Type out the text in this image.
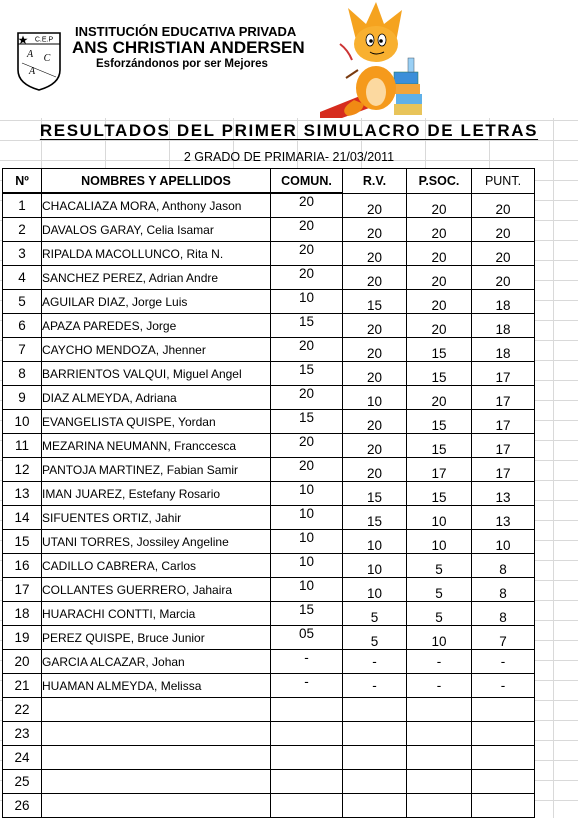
C.E.P
A C
A
INSTITUCIÓN EDUCATIVA PRIVADA
ANS CHRISTIAN ANDERSEN
Esforzándonos por ser Mejores
RESULTADOS DEL PRIMER SIMULACRO DE LETRAS
2 GRADO DE PRIMARIA- 21/03/2011
Nº	NOMBRES Y APELLIDOS	COMUN.	R.V.	P.SOC.	PUNT.
1	CHACALIAZA MORA, Anthony Jason	20	20	20	20
2	DAVALOS GARAY, Celia Isamar	20	20	20	20
3	RIPALDA MACOLLUNCO, Rita N.	20	20	20	20
4	SANCHEZ PEREZ, Adrian Andre	20	20	20	20
5	AGUILAR DIAZ, Jorge Luis	10	15	20	18
6	APAZA PAREDES, Jorge	15	20	20	18
7	CAYCHO MENDOZA, Jhenner	20	20	15	18
8	BARRIENTOS VALQUI, Miguel Angel	15	20	15	17
9	DIAZ ALMEYDA, Adriana	20	10	20	17
10	EVANGELISTA QUISPE, Yordan	15	20	15	17
11	MEZARINA NEUMANN, Franccesca	20	20	15	17
12	PANTOJA MARTINEZ, Fabian Samir	20	20	17	17
13	IMAN JUAREZ, Estefany Rosario	10	15	15	13
14	SIFUENTES ORTIZ, Jahir	10	15	10	13
15	UTANI TORRES, Jossiley Angeline	10	10	10	10
16	CADILLO CABRERA, Carlos	10	10	5	8
17	COLLANTES GUERRERO, Jahaira	10	10	5	8
18	HUARACHI CONTTI, Marcia	15	5	5	8
19	PEREZ QUISPE, Bruce Junior	05	5	10	7
20	GARCIA ALCAZAR, Johan	-	-	-	-
21	HUAMAN ALMEYDA, Melissa	-	-	-	-
22					
23					
24					
25					
26					
